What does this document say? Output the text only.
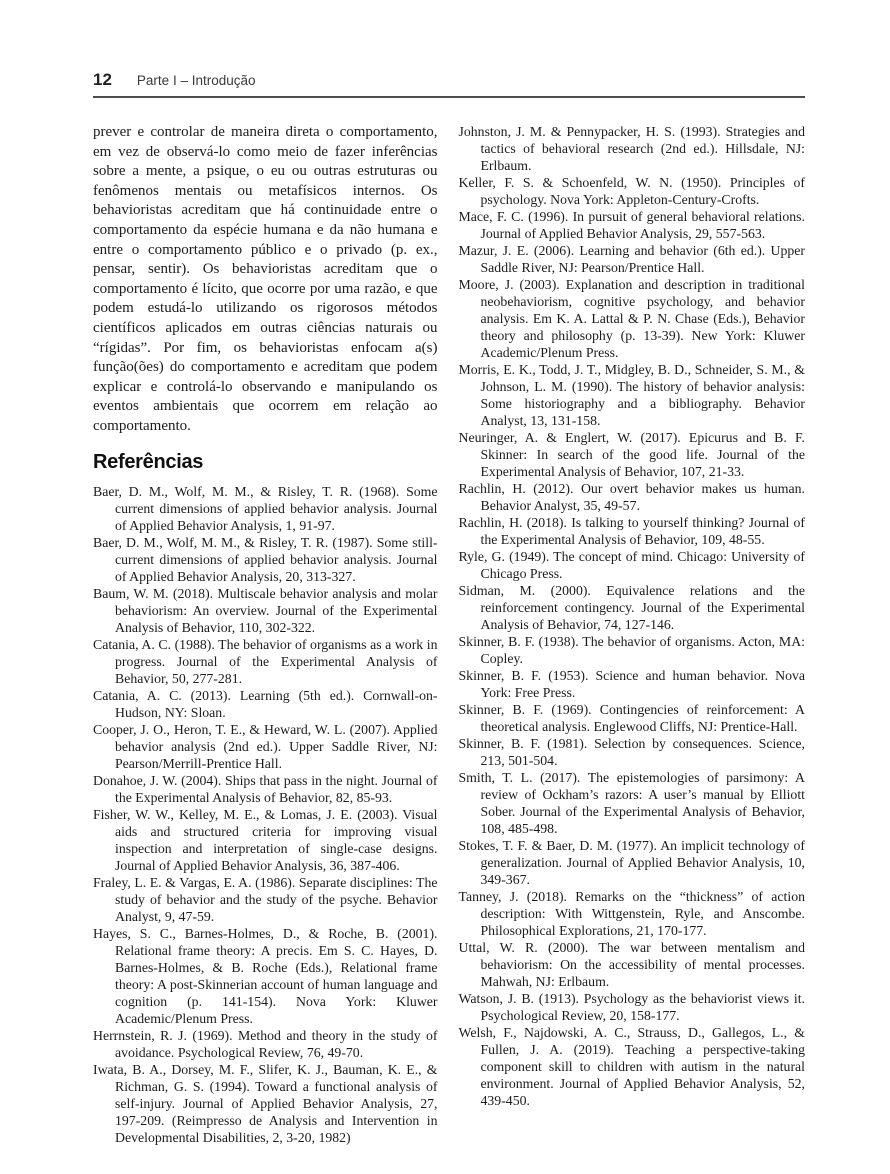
12 Parte I – Introdução

prever e controlar de maneira direta o comportamento, em vez de observá-lo como meio de fazer inferências sobre a mente, a psique, o eu ou outras estruturas ou fenômenos mentais ou metafísicos internos. Os behavioristas acreditam que há continuidade entre o comportamento da espécie humana e da não humana e entre o comportamento público e o privado (p. ex., pensar, sentir). Os behavioristas acreditam que o comportamento é lícito, que ocorre por uma razão, e que podem estudá-lo utilizando os rigorosos métodos científicos aplicados em outras ciências naturais ou “rígidas”. Por fim, os behavioristas enfocam a(s) função(ões) do comportamento e acreditam que podem explicar e controlá-lo observando e manipulando os eventos ambientais que ocorrem em relação ao comportamento.

Referências
Baer, D. M., Wolf, M. M., & Risley, T. R. (1968). Some current dimensions of applied behavior analysis. Journal of Applied Behavior Analysis, 1, 91-97.
Baer, D. M., Wolf, M. M., & Risley, T. R. (1987). Some still-current dimensions of applied behavior analysis. Journal of Applied Behavior Analysis, 20, 313-327.
Baum, W. M. (2018). Multiscale behavior analysis and molar behaviorism: An overview. Journal of the Experimental Analysis of Behavior, 110, 302-322.
Catania, A. C. (1988). The behavior of organisms as a work in progress. Journal of the Experimental Analysis of Behavior, 50, 277-281.
Catania, A. C. (2013). Learning (5th ed.). Cornwall-on-Hudson, NY: Sloan.
Cooper, J. O., Heron, T. E., & Heward, W. L. (2007). Applied behavior analysis (2nd ed.). Upper Saddle River, NJ: Pearson/Merrill-Prentice Hall.
Donahoe, J. W. (2004). Ships that pass in the night. Journal of the Experimental Analysis of Behavior, 82, 85-93.
Fisher, W. W., Kelley, M. E., & Lomas, J. E. (2003). Visual aids and structured criteria for improving visual inspection and interpretation of single-case designs. Journal of Applied Behavior Analysis, 36, 387-406.
Fraley, L. E. & Vargas, E. A. (1986). Separate disciplines: The study of behavior and the study of the psyche. Behavior Analyst, 9, 47-59.
Hayes, S. C., Barnes-Holmes, D., & Roche, B. (2001). Relational frame theory: A precis. Em S. C. Hayes, D. Barnes-Holmes, & B. Roche (Eds.), Relational frame theory: A post-Skinnerian account of human language and cognition (p. 141-154). Nova York: Kluwer Academic/Plenum Press.
Herrnstein, R. J. (1969). Method and theory in the study of avoidance. Psychological Review, 76, 49-70.
Iwata, B. A., Dorsey, M. F., Slifer, K. J., Bauman, K. E., & Richman, G. S. (1994). Toward a functional analysis of self-injury. Journal of Applied Behavior Analysis, 27, 197-209. (Reimpresso de Analysis and Intervention in Developmental Disabilities, 2, 3-20, 1982)
Johnston, J. M. & Pennypacker, H. S. (1993). Strategies and tactics of behavioral research (2nd ed.). Hillsdale, NJ: Erlbaum.
Keller, F. S. & Schoenfeld, W. N. (1950). Principles of psychology. Nova York: Appleton-Century-Crofts.
Mace, F. C. (1996). In pursuit of general behavioral relations. Journal of Applied Behavior Analysis, 29, 557-563.
Mazur, J. E. (2006). Learning and behavior (6th ed.). Upper Saddle River, NJ: Pearson/Prentice Hall.
Moore, J. (2003). Explanation and description in traditional neobehaviorism, cognitive psychology, and behavior analysis. Em K. A. Lattal & P. N. Chase (Eds.), Behavior theory and philosophy (p. 13-39). New York: Kluwer Academic/Plenum Press.
Morris, E. K., Todd, J. T., Midgley, B. D., Schneider, S. M., & Johnson, L. M. (1990). The history of behavior analysis: Some historiography and a bibliography. Behavior Analyst, 13, 131-158.
Neuringer, A. & Englert, W. (2017). Epicurus and B. F. Skinner: In search of the good life. Journal of the Experimental Analysis of Behavior, 107, 21-33.
Rachlin, H. (2012). Our overt behavior makes us human. Behavior Analyst, 35, 49-57.
Rachlin, H. (2018). Is talking to yourself thinking? Journal of the Experimental Analysis of Behavior, 109, 48-55.
Ryle, G. (1949). The concept of mind. Chicago: University of Chicago Press.
Sidman, M. (2000). Equivalence relations and the reinforcement contingency. Journal of the Experimental Analysis of Behavior, 74, 127-146.
Skinner, B. F. (1938). The behavior of organisms. Acton, MA: Copley.
Skinner, B. F. (1953). Science and human behavior. Nova York: Free Press.
Skinner, B. F. (1969). Contingencies of reinforcement: A theoretical analysis. Englewood Cliffs, NJ: Prentice-Hall.
Skinner, B. F. (1981). Selection by consequences. Science, 213, 501-504.
Smith, T. L. (2017). The epistemologies of parsimony: A review of Ockham’s razors: A user’s manual by Elliott Sober. Journal of the Experimental Analysis of Behavior, 108, 485-498.
Stokes, T. F. & Baer, D. M. (1977). An implicit technology of generalization. Journal of Applied Behavior Analysis, 10, 349-367.
Tanney, J. (2018). Remarks on the “thickness” of action description: With Wittgenstein, Ryle, and Anscombe. Philosophical Explorations, 21, 170-177.
Uttal, W. R. (2000). The war between mentalism and behaviorism: On the accessibility of mental processes. Mahwah, NJ: Erlbaum.
Watson, J. B. (1913). Psychology as the behaviorist views it. Psychological Review, 20, 158-177.
Welsh, F., Najdowski, A. C., Strauss, D., Gallegos, L., & Fullen, J. A. (2019). Teaching a perspective-taking component skill to children with autism in the natural environment. Journal of Applied Behavior Analysis, 52, 439-450.
